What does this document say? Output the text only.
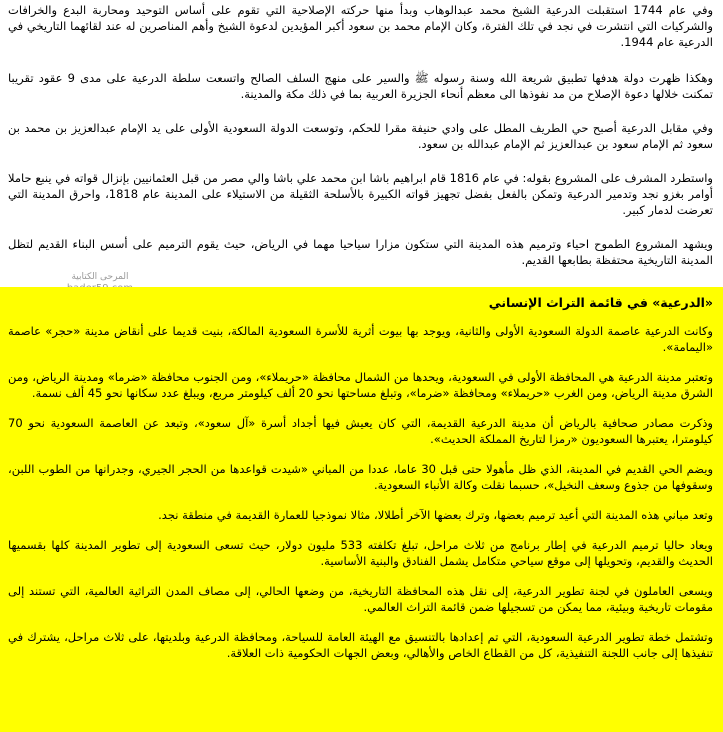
وفي عام 1744 استقبلت الدرعية الشيخ محمد عبدالوهاب وبدأ منها حركته الإصلاحية التي تقوم على أساس التوحيد ومحاربة البدع والخرافات والشركيات التي انتشرت في نجد في تلك الفترة، وكان الإمام محمد بن سعود أكبر المؤيدين لدعوة الشيخ وأهم المناصرين له عند لقائهما التاريخي في الدرعية عام 1944.

وهكذا ظهرت دولة هدفها تطبيق شريعة الله وسنة رسوله ﷺ والسير على منهج السلف الصالح واتسعت سلطة الدرعية على مدى 9 عقود تقريبا تمكنت خلالها دعوة الإصلاح من مد نفوذها الى معظم أنحاء الجزيرة العربية بما في ذلك مكة والمدينة.

وفي مقابل الدرعية أصبح حي الطريف المطل على وادي حنيفة مقرا للحكم، وتوسعت الدولة السعودية الأولى على يد الإمام عبدالعزيز بن محمد بن سعود ثم الإمام سعود بن عبدالعزيز ثم الإمام عبدالله بن سعود.

واستطرد المشرف على المشروع بقوله: في عام 1816 قام ابراهيم باشا ابن محمد علي باشا والي مصر من قبل العثمانيين بإنزال قواته في ينبع حاملا أوامر بغزو نجد وتدمير الدرعية وتمكن بالفعل بفضل تجهيز قواته الكبيرة بالأسلحة الثقيلة من الاستيلاء على المدينة عام 1818، واحرق المدينة التي تعرضت لدمار كبير.

ويشهد المشروع الطموح احياء وترميم هذه المدينة التي ستكون مزارا سياحيا مهما في الرياض، حيث يقوم الترميم على أسس البناء القديم لتظل المدينة التاريخية محتفظة بطابعها القديم.

المرحى الكتابية
«الدرعية» في قائمة التراث الإنساني

وكانت الدرعية عاصمة الدولة السعودية الأولى والثانية، ويوجد بها بيوت أثرية للأسرة السعودية المالكة، بنيت قديما على أنقاض مدينة «حجر» عاصمة «اليمامة».

وتعتبر مدينة الدرعية هي المحافظة الأولى في السعودية، ويحدها من الشمال محافظة «حريملاء»، ومن الجنوب محافظة «ضرما» ومدينة الرياض، ومن الشرق مدينة الرياض، ومن الغرب «حريملاء» ومحافظة «ضرما»، وتبلغ مساحتها نحو 20 ألف كيلومتر مربع، ويبلغ عدد سكانها نحو 45 ألف نسمة.

وذكرت مصادر صحافية بالرياض أن مدينة الدرعية القديمة، التي كان يعيش فيها أجداد أسرة «آل سعود»، وتبعد عن العاصمة السعودية نحو 70 كيلومترا، يعتبرها السعوديون «رمزا لتاريخ المملكة الحديث».

ويضم الحي القديم في المدينة، الذي ظل مأهولا حتى قبل 30 عاما، عددا من المباني «شيدت قواعدها من الحجر الجيري، وجدرانها من الطوب اللبن، وسقوفها من جذوع وسعف النخيل»، حسبما نقلت وكالة الأنباء السعودية.

وتعد مباني هذه المدينة التي أعيد ترميم بعضها، وترك بعضها الآخر أطلالا، مثالا نموذجيا للعمارة القديمة في منطقة نجد.

ويعاد حاليا ترميم الدرعية في إطار برنامج من ثلاث مراحل، تبلغ تكلفته 533 مليون دولار، حيث تسعى السعودية إلى تطوير المدينة كلها بقسميها الحديث والقديم، وتحويلها إلى موقع سياحي متكامل يشمل الفنادق والبنية الأساسية.

ويسعى العاملون في لجنة تطوير الدرعية، إلى نقل هذه المحافظة التاريخية، من وضعها الحالي، إلى مصاف المدن التراثية العالمية، التي تستند إلى مقومات تاريخية وبيئية، مما يمكن من تسجيلها ضمن قائمة التراث العالمي.

وتشتمل خطة تطوير الدرعية السعودية، التي تم إعدادها بالتنسيق مع الهيئة العامة للسياحة، ومحافظة الدرعية وبلديتها، على ثلاث مراحل، يشترك في تنفيذها إلى جانب اللجنة التنفيذية، كل من القطاع الخاص والأهالي، وبعض الجهات الحكومية ذات العلاقة.
